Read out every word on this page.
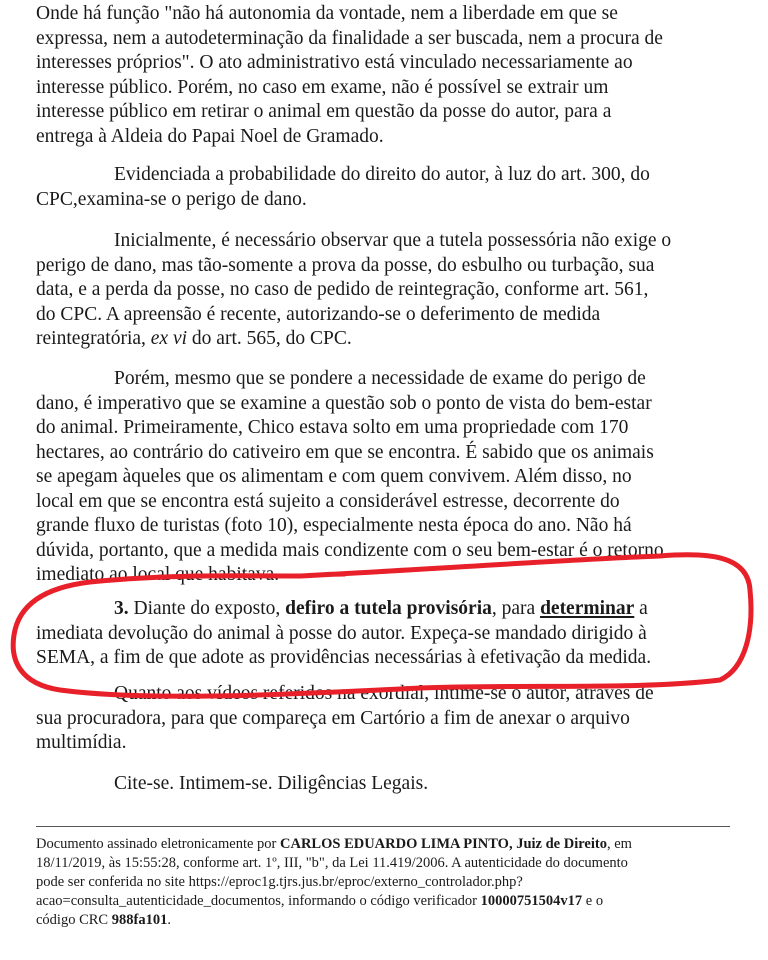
Onde há função "não há autonomia da vontade, nem a liberdade em que se
expressa, nem a autodeterminação da finalidade a ser buscada, nem a procura de
interesses próprios". O ato administrativo está vinculado necessariamente ao
interesse público. Porém, no caso em exame, não é possível se extrair um
interesse público em retirar o animal em questão da posse do autor, para a
entrega à Aldeia do Papai Noel de Gramado.
Evidenciada a probabilidade do direito do autor, à luz do art. 300, do
CPC,examina-se o perigo de dano.
Inicialmente, é necessário observar que a tutela possessória não exige o
perigo de dano, mas tão-somente a prova da posse, do esbulho ou turbação, sua
data, e a perda da posse, no caso de pedido de reintegração, conforme art. 561,
do CPC. A apreensão é recente, autorizando-se o deferimento de medida
reintegratória, ex vi do art. 565, do CPC.
Porém, mesmo que se pondere a necessidade de exame do perigo de
dano, é imperativo que se examine a questão sob o ponto de vista do bem-estar
do animal. Primeiramente, Chico estava solto em uma propriedade com 170
hectares, ao contrário do cativeiro em que se encontra. É sabido que os animais
se apegam àqueles que os alimentam e com quem convivem. Além disso, no
local em que se encontra está sujeito a considerável estresse, decorrente do
grande fluxo de turistas (foto 10), especialmente nesta época do ano. Não há
dúvida, portanto, que a medida mais condizente com o seu bem-estar é o retorno
imediato ao local que habitava.
3. Diante do exposto, defiro a tutela provisória, para determinar a
imediata devolução do animal à posse do autor. Expeça-se mandado dirigido à
SEMA, a fim de que adote as providências necessárias à efetivação da medida.
Quanto aos vídeos referidos na exordial, intime-se o autor, através de
sua procuradora, para que compareça em Cartório a fim de anexar o arquivo
multimídia.
Cite-se. Intimem-se. Diligências Legais.
Documento assinado eletronicamente por CARLOS EDUARDO LIMA PINTO, Juiz de Direito, em
18/11/2019, às 15:55:28, conforme art. 1º, III, "b", da Lei 11.419/2006. A autenticidade do documento
pode ser conferida no site https://eproc1g.tjrs.jus.br/eproc/externo_controlador.php?
acao=consulta_autenticidade_documentos, informando o código verificador 10000751504v17 e o
código CRC 988fa101.
